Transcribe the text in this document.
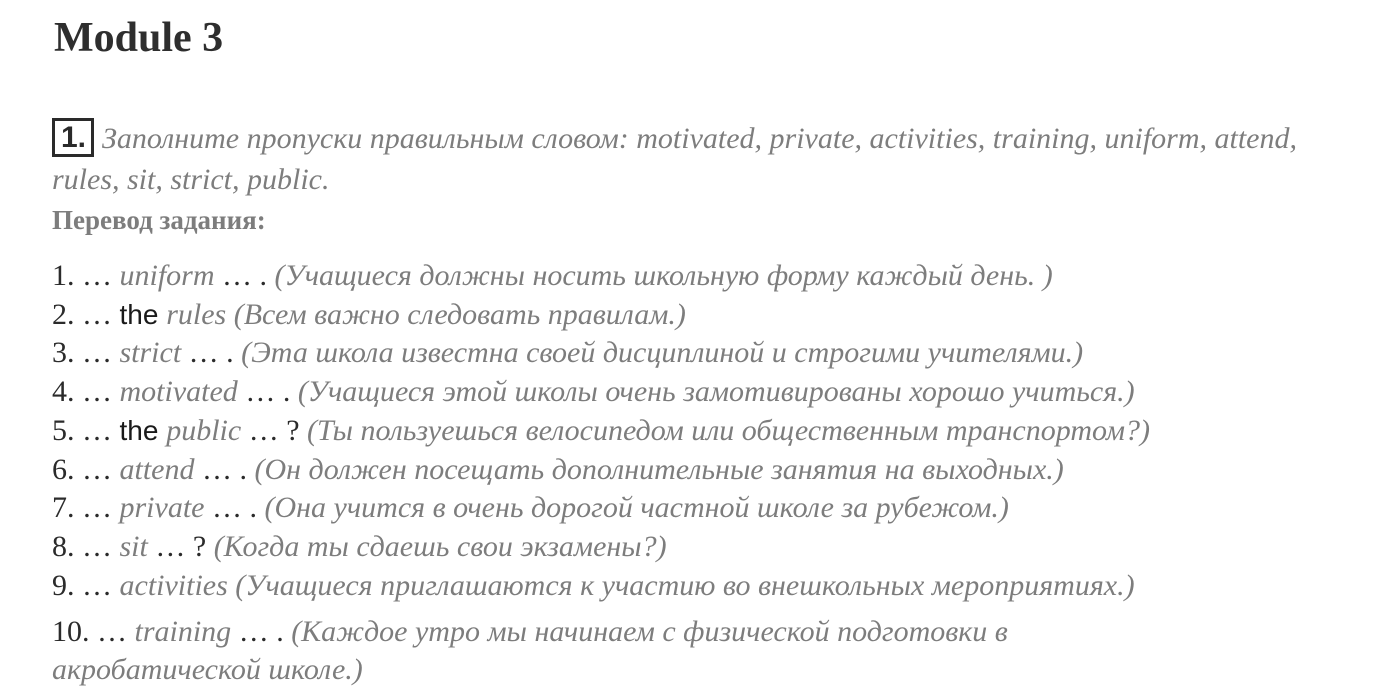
Module 3
1. Заполните пропуски правильным словом: motivated, private, activities, training, uniform, attend, rules, sit, strict, public.
Перевод задания:
1. … uniform … . (Учащиеся должны носить школьную форму каждый день. )
2. … the rules (Всем важно следовать правилам.)
3. … strict … . (Эта школа известна своей дисциплиной и строгими учителями.)
4. … motivated … . (Учащиеся этой школы очень замотивированы хорошо учиться.)
5. … the public … ? (Ты пользуешься велосипедом или общественным транспортом?)
6. … attend … . (Он должен посещать дополнительные занятия на выходных.)
7. … private … . (Она учится в очень дорогой частной школе за рубежом.)
8. … sit … ? (Когда ты сдаешь свои экзамены?)
9. … activities (Учащиеся приглашаются к участию во внешкольных мероприятиях.)
10. … training … . (Каждое утро мы начинаем с физической подготовки в акробатической школе.)
